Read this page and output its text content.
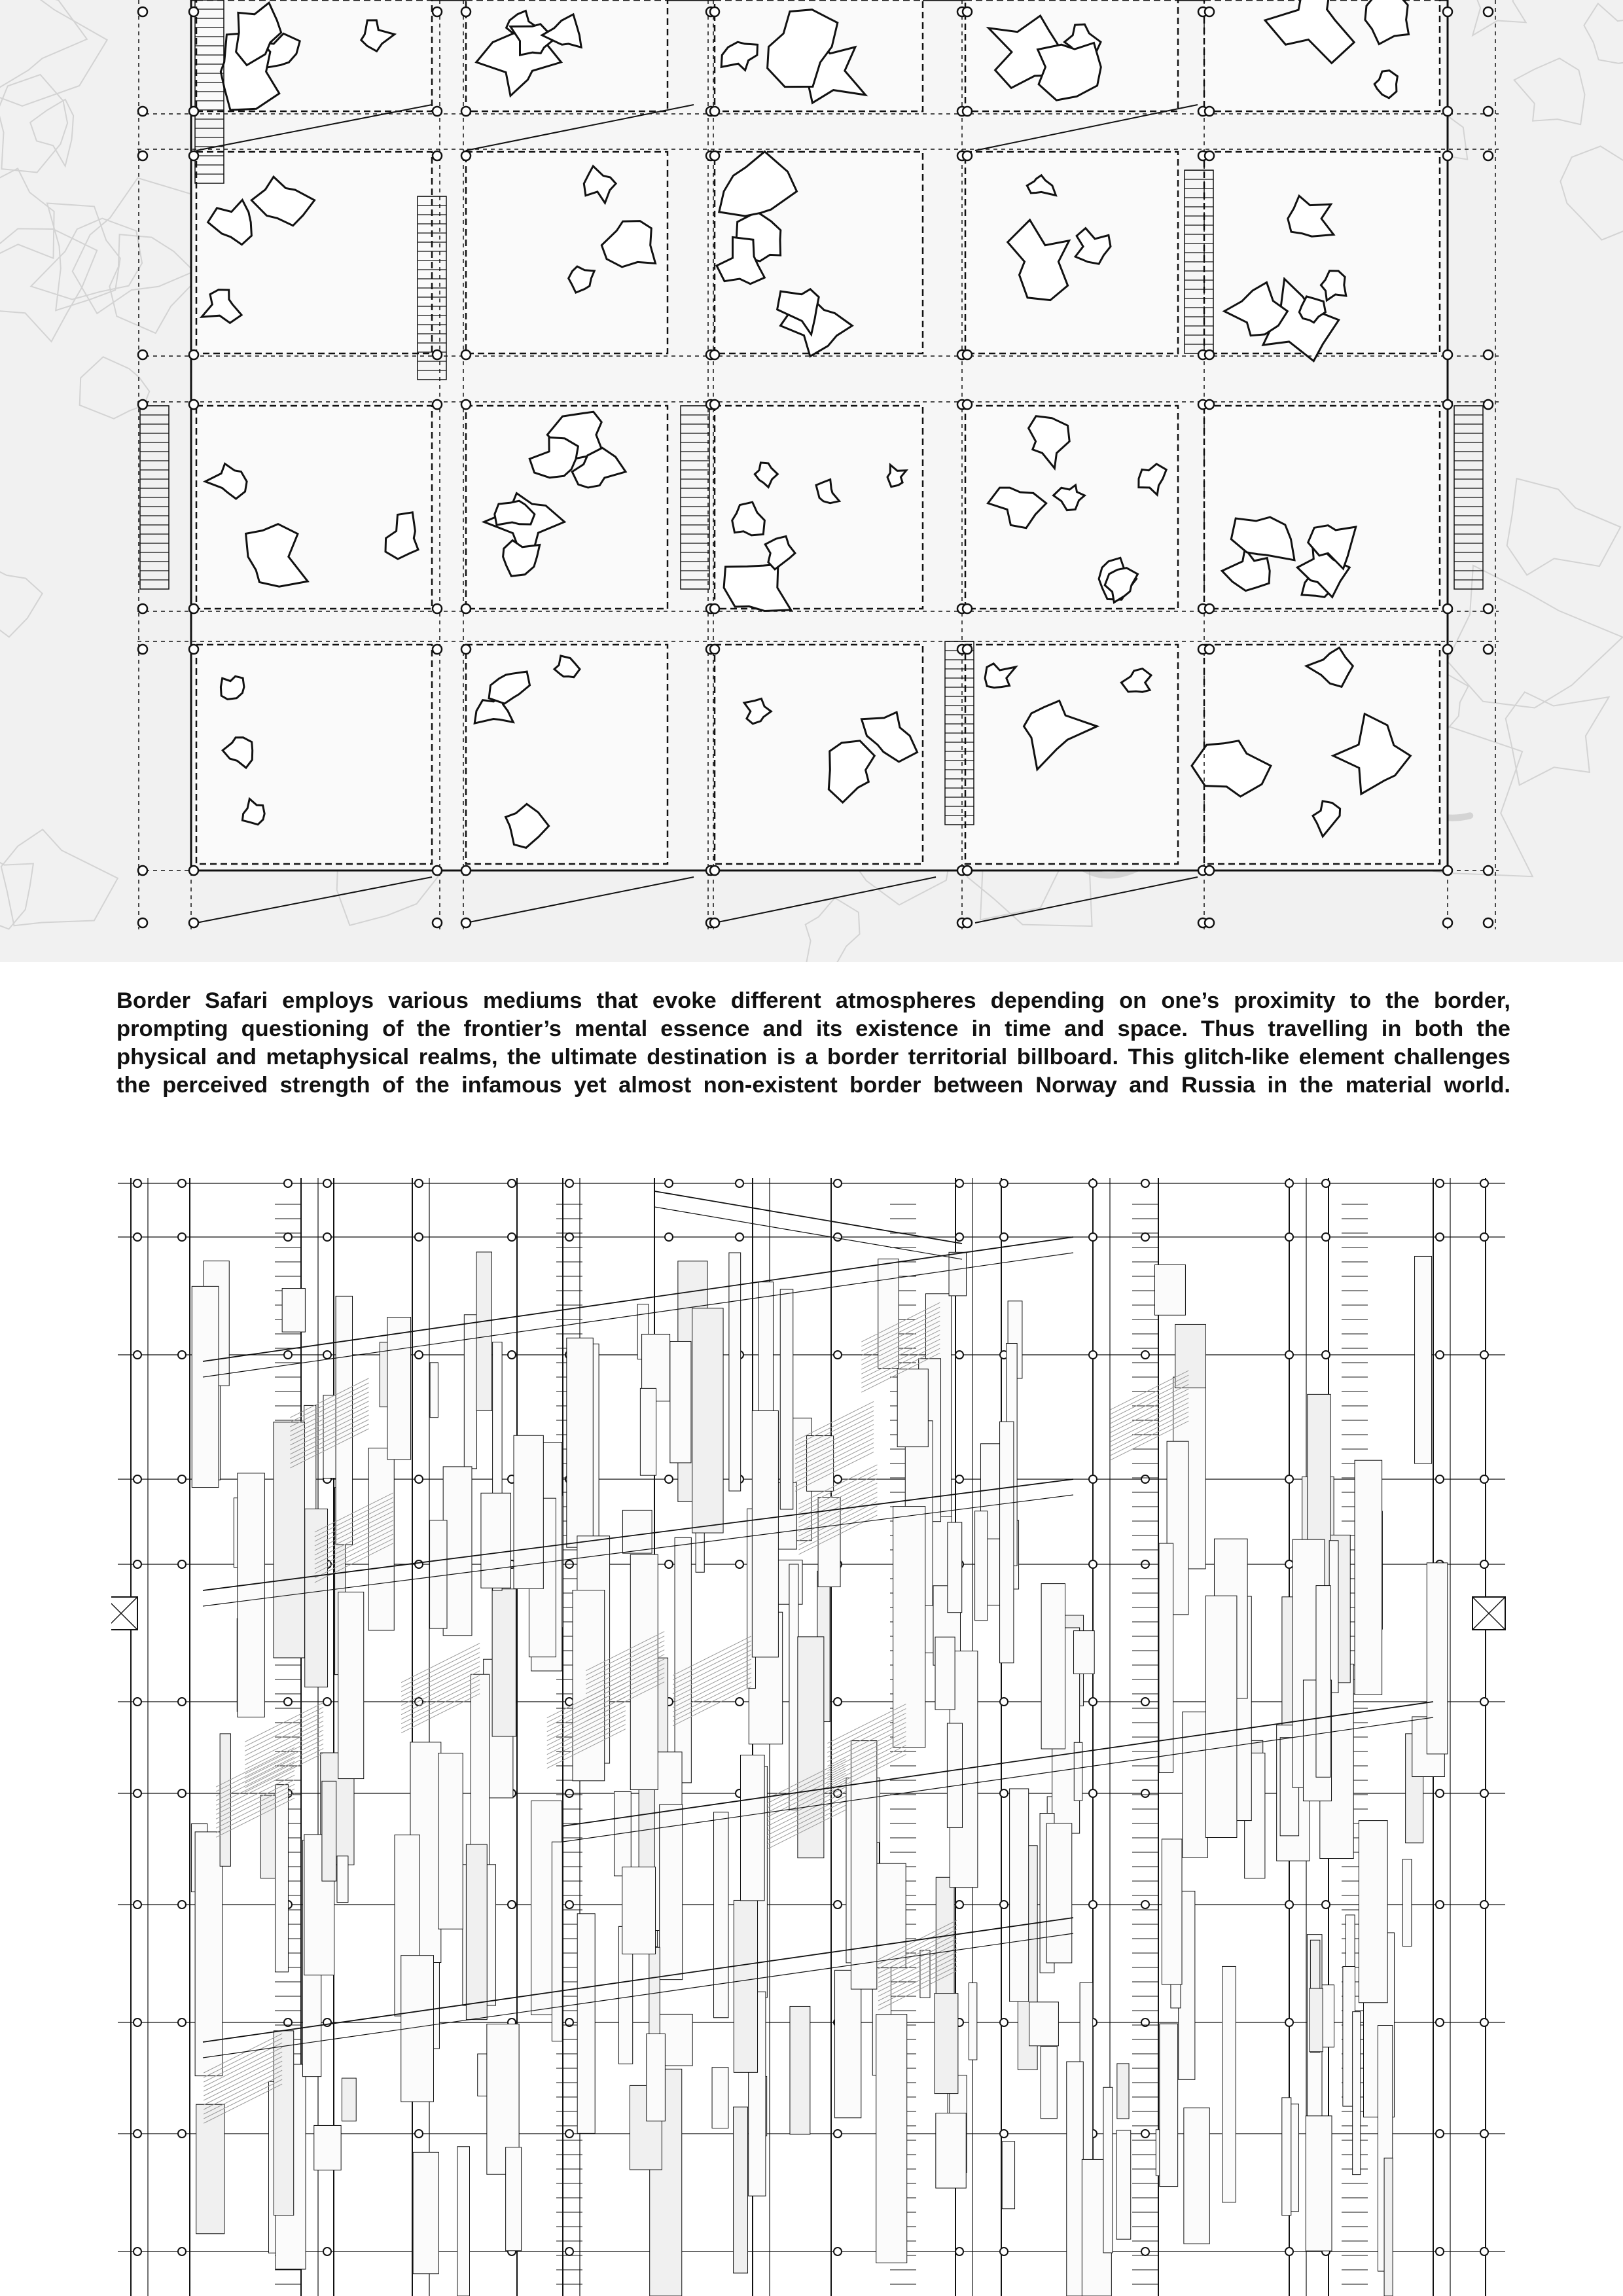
Border Safari employs various mediums that evoke different atmospheres depending on one’s proximity to the border,
prompting questioning of the frontier’s mental essence and its existence in time and space. Thus travelling in both the
physical and metaphysical realms, the ultimate destination is a border territorial billboard. This glitch-like element challenges
the perceived strength of the infamous yet almost non-existent border between Norway and Russia in the material world.
